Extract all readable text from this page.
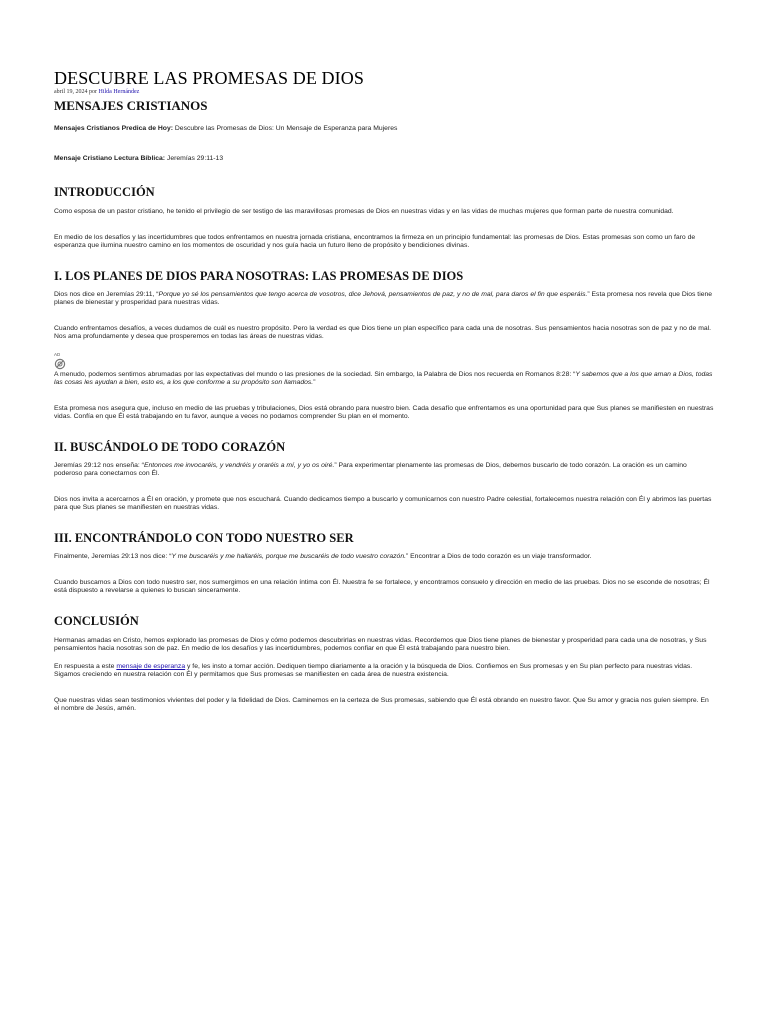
DESCUBRE LAS PROMESAS DE DIOS
abril 19, 2024 por Hilda Hernández
MENSAJES CRISTIANOS

Mensajes Cristianos Predica de Hoy: Descubre las Promesas de Dios: Un Mensaje de Esperanza para Mujeres

Mensaje Cristiano Lectura Bíblica: Jeremías 29:11-13

INTRODUCCIÓN

Como esposa de un pastor cristiano, he tenido el privilegio de ser testigo de las maravillosas promesas de Dios en nuestras vidas y en las vidas de muchas mujeres que forman parte de nuestra comunidad.

En medio de los desafíos y las incertidumbres que todos enfrentamos en nuestra jornada cristiana, encontramos la firmeza en un principio fundamental: las promesas de Dios. Estas promesas son como un faro de esperanza que ilumina nuestro camino en los momentos de oscuridad y nos guía hacia un futuro lleno de propósito y bendiciones divinas.

I. LOS PLANES DE DIOS PARA NOSOTRAS: LAS PROMESAS DE DIOS

Dios nos dice en Jeremías 29:11, “Porque yo sé los pensamientos que tengo acerca de vosotros, dice Jehová, pensamientos de paz, y no de mal, para daros el fin que esperáis.” Esta promesa nos revela que Dios tiene planes de bienestar y prosperidad para nuestras vidas.

Cuando enfrentamos desafíos, a veces dudamos de cuál es nuestro propósito. Pero la verdad es que Dios tiene un plan específico para cada una de nosotras. Sus pensamientos hacia nosotras son de paz y no de mal. Nos ama profundamente y desea que prosperemos en todas las áreas de nuestras vidas.

AD

A menudo, podemos sentirnos abrumadas por las expectativas del mundo o las presiones de la sociedad. Sin embargo, la Palabra de Dios nos recuerda en Romanos 8:28: “Y sabemos que a los que aman a Dios, todas las cosas les ayudan a bien, esto es, a los que conforme a su propósito son llamados.”

Esta promesa nos asegura que, incluso en medio de las pruebas y tribulaciones, Dios está obrando para nuestro bien. Cada desafío que enfrentamos es una oportunidad para que Sus planes se manifiesten en nuestras vidas. Confía en que Él está trabajando en tu favor, aunque a veces no podamos comprender Su plan en el momento.

II. BUSCÁNDOLO DE TODO CORAZÓN

Jeremías 29:12 nos enseña: “Entonces me invocaréis, y vendréis y oraréis a mí, y yo os oiré.” Para experimentar plenamente las promesas de Dios, debemos buscarlo de todo corazón. La oración es un camino poderoso para conectarnos con Él.

Dios nos invita a acercarnos a Él en oración, y promete que nos escuchará. Cuando dedicamos tiempo a buscarlo y comunicarnos con nuestro Padre celestial, fortalecemos nuestra relación con Él y abrimos las puertas para que Sus planes se manifiesten en nuestras vidas.

III. ENCONTRÁNDOLO CON TODO NUESTRO SER

Finalmente, Jeremías 29:13 nos dice: “Y me buscaréis y me hallaréis, porque me buscaréis de todo vuestro corazón.” Encontrar a Dios de todo corazón es un viaje transformador.

Cuando buscamos a Dios con todo nuestro ser, nos sumergimos en una relación íntima con Él. Nuestra fe se fortalece, y encontramos consuelo y dirección en medio de las pruebas. Dios no se esconde de nosotras; Él está dispuesto a revelarse a quienes lo buscan sinceramente.

CONCLUSIÓN

Hermanas amadas en Cristo, hemos explorado las promesas de Dios y cómo podemos descubrirlas en nuestras vidas. Recordemos que Dios tiene planes de bienestar y prosperidad para cada una de nosotras, y Sus pensamientos hacia nosotras son de paz. En medio de los desafíos y las incertidumbres, podemos confiar en que Él está trabajando para nuestro bien.

En respuesta a este mensaje de esperanza y fe, les insto a tomar acción. Dediquen tiempo diariamente a la oración y la búsqueda de Dios. Confiemos en Sus promesas y en Su plan perfecto para nuestras vidas. Sigamos creciendo en nuestra relación con Él y permitamos que Sus promesas se manifiesten en cada área de nuestra existencia.

Que nuestras vidas sean testimonios vivientes del poder y la fidelidad de Dios. Caminemos en la certeza de Sus promesas, sabiendo que Él está obrando en nuestro favor. Que Su amor y gracia nos guíen siempre. En el nombre de Jesús, amén.
